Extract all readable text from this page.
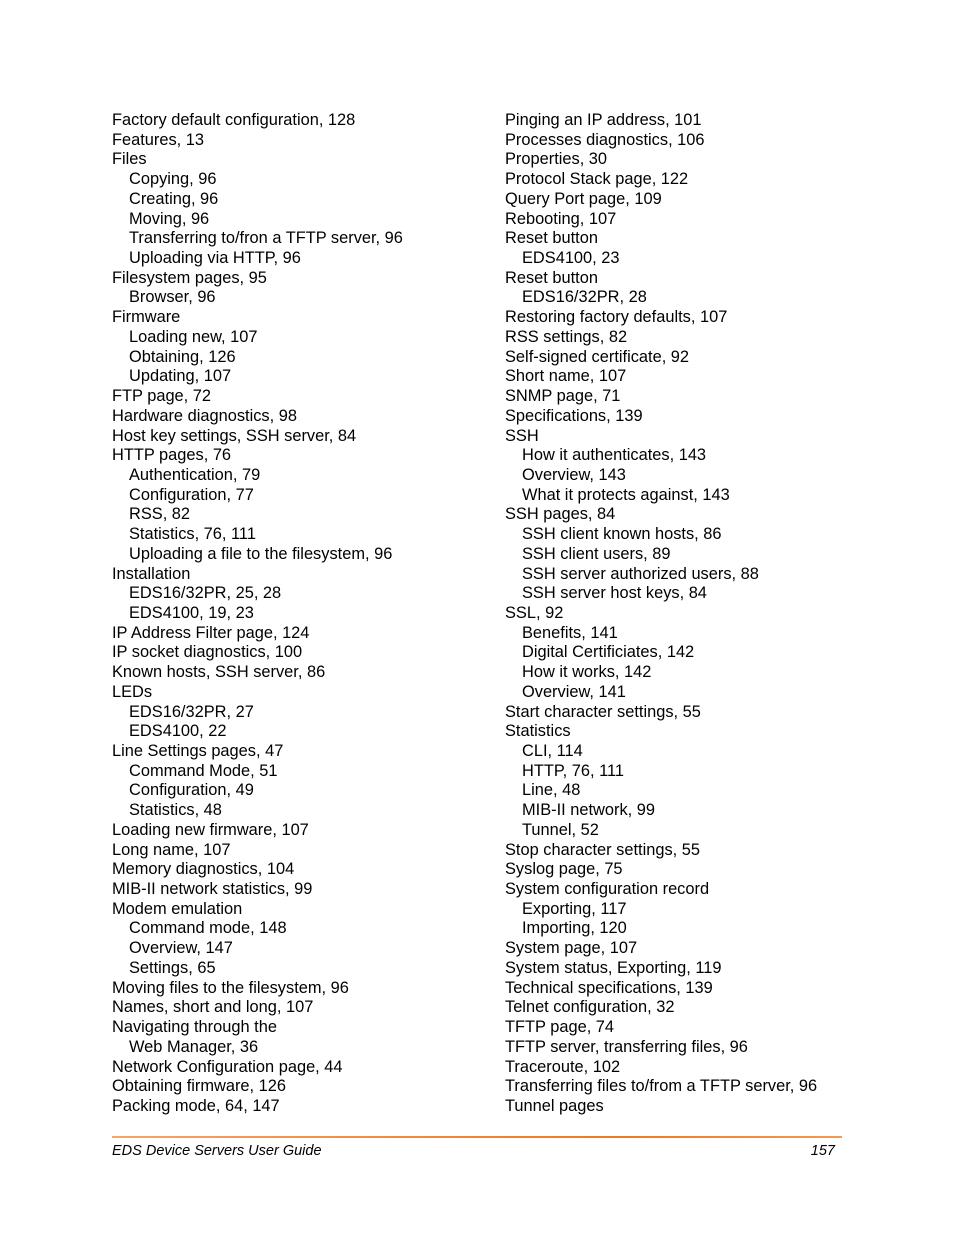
Factory default configuration, 128
Features, 13
Files
Copying, 96
Creating, 96
Moving, 96
Transferring to/fron a TFTP server, 96
Uploading via HTTP, 96
Filesystem pages, 95
Browser, 96
Firmware
Loading new, 107
Obtaining, 126
Updating, 107
FTP page, 72
Hardware diagnostics, 98
Host key settings, SSH server, 84
HTTP pages, 76
Authentication, 79
Configuration, 77
RSS, 82
Statistics, 76, 111
Uploading a file to the filesystem, 96
Installation
EDS16/32PR, 25, 28
EDS4100, 19, 23
IP Address Filter page, 124
IP socket diagnostics, 100
Known hosts, SSH server, 86
LEDs
EDS16/32PR, 27
EDS4100, 22
Line Settings pages, 47
Command Mode, 51
Configuration, 49
Statistics, 48
Loading new firmware, 107
Long name, 107
Memory diagnostics, 104
MIB-II network statistics, 99
Modem emulation
Command mode, 148
Overview, 147
Settings, 65
Moving files to the filesystem, 96
Names, short and long, 107
Navigating through the
Web Manager, 36
Network Configuration page, 44
Obtaining firmware, 126
Packing mode, 64, 147
Pinging an IP address, 101
Processes diagnostics, 106
Properties, 30
Protocol Stack page, 122
Query Port page, 109
Rebooting, 107
Reset button
EDS4100, 23
Reset button
EDS16/32PR, 28
Restoring factory defaults, 107
RSS settings, 82
Self-signed certificate, 92
Short name, 107
SNMP page, 71
Specifications, 139
SSH
How it authenticates, 143
Overview, 143
What it protects against, 143
SSH pages, 84
SSH client known hosts, 86
SSH client users, 89
SSH server authorized users, 88
SSH server host keys, 84
SSL, 92
Benefits, 141
Digital Certificiates, 142
How it works, 142
Overview, 141
Start character settings, 55
Statistics
CLI, 114
HTTP, 76, 111
Line, 48
MIB-II network, 99
Tunnel, 52
Stop character settings, 55
Syslog page, 75
System configuration record
Exporting, 117
Importing, 120
System page, 107
System status, Exporting, 119
Technical specifications, 139
Telnet configuration, 32
TFTP page, 74
TFTP server, transferring files, 96
Traceroute, 102
Transferring files to/from a TFTP server, 96
Tunnel pages
EDS Device Servers User Guide	157
